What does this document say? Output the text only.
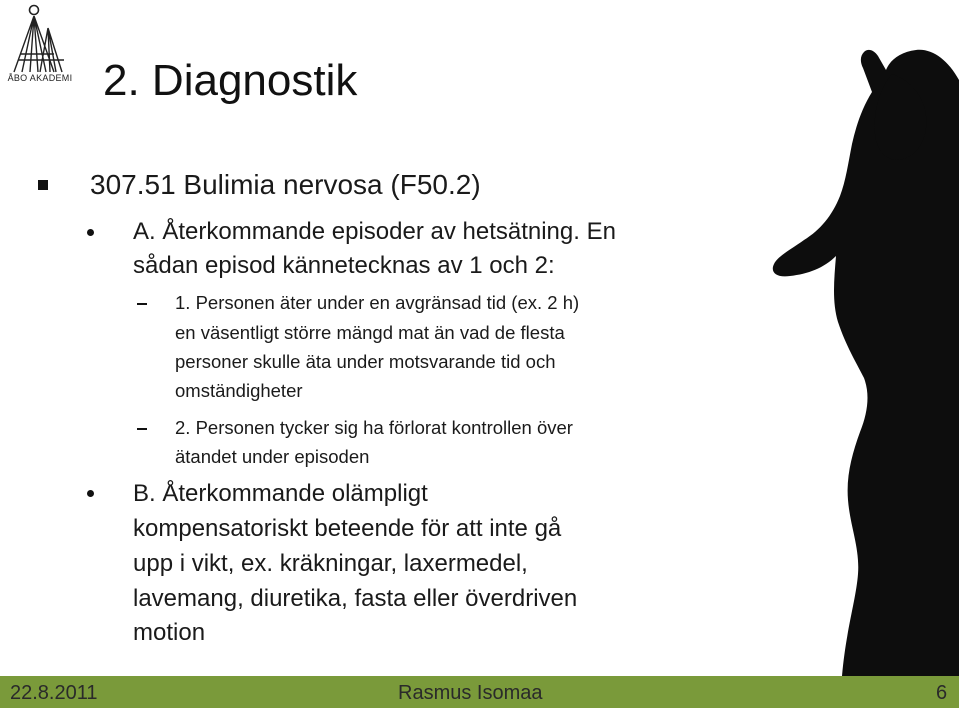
ÅBO AKADEMI 2. Diagnostik
307.51 Bulimia nervosa (F50.2)
A. Återkommande episoder av hetsätning. En
sådan episod kännetecknas av 1 och 2:
1. Personen äter under en avgränsad tid (ex. 2 h)
en väsentligt större mängd mat än vad de flesta
personer skulle äta under motsvarande tid och
omständigheter
2. Personen tycker sig ha förlorat kontrollen över
ätandet under episoden
B. Återkommande olämpligt
kompensatoriskt beteende för att inte gå
upp i vikt, ex. kräkningar, laxermedel,
lavemang, diuretika, fasta eller överdriven
motion
22.8.2011	Rasmus Isomaa	6
